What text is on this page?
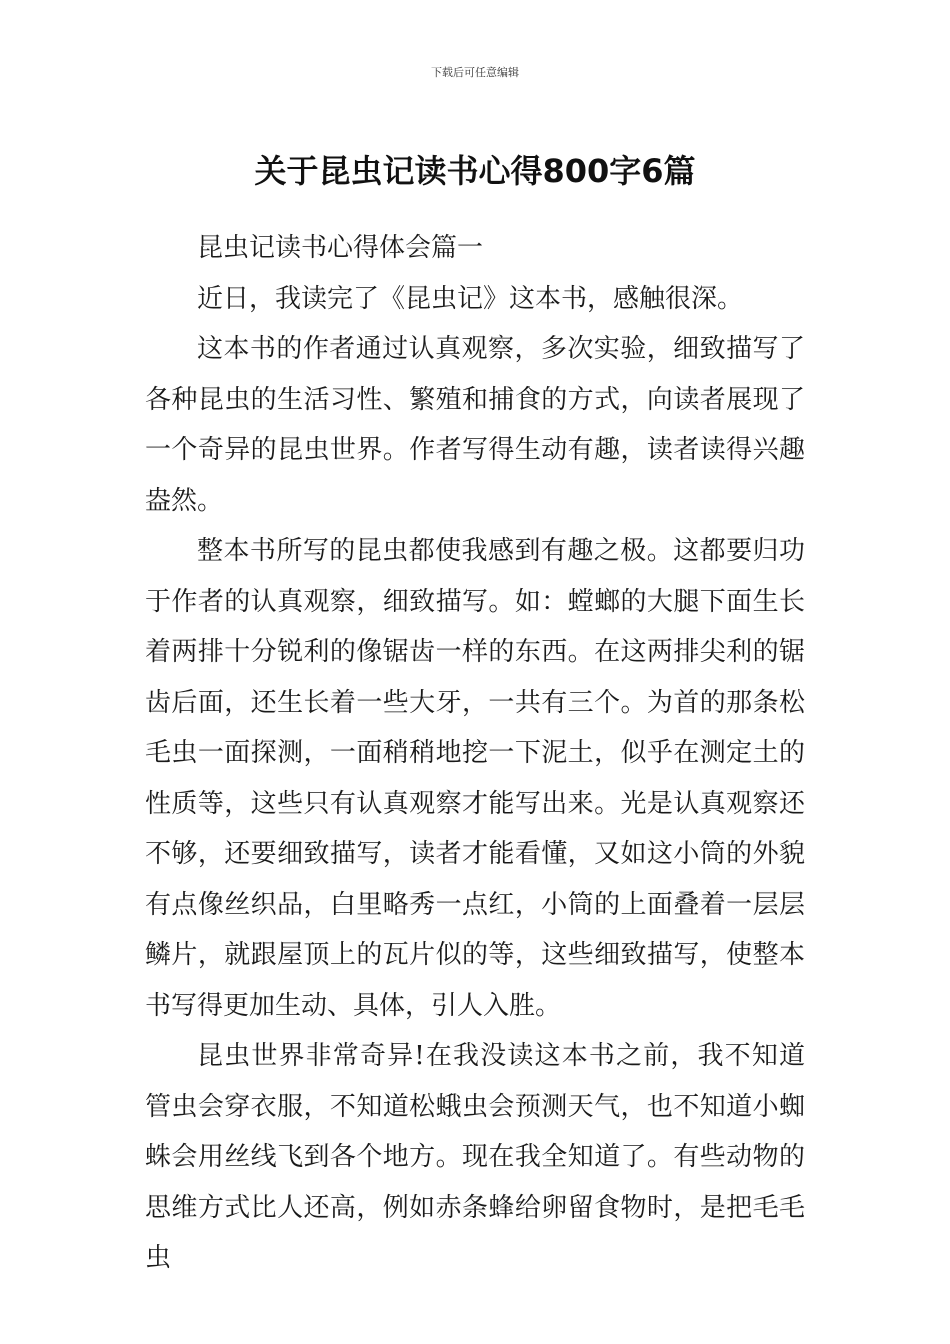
下载后可任意编辑
关于昆虫记读书心得800字6篇

昆虫记读书心得体会篇一

近日，我读完了《昆虫记》这本书，感触很深。

这本书的作者通过认真观察，多次实验，细致描写了各种昆虫的生活习性、繁殖和捕食的方式，向读者展现了一个奇异的昆虫世界。作者写得生动有趣，读者读得兴趣盎然。

整本书所写的昆虫都使我感到有趣之极。这都要归功于作者的认真观察，细致描写。如：螳螂的大腿下面生长着两排十分锐利的像锯齿一样的东西。在这两排尖利的锯齿后面，还生长着一些大牙，一共有三个。为首的那条松毛虫一面探测，一面稍稍地挖一下泥土，似乎在测定土的性质等，这些只有认真观察才能写出来。光是认真观察还不够，还要细致描写，读者才能看懂，又如这小筒的外貌有点像丝织品，白里略秀一点红，小筒的上面叠着一层层鳞片，就跟屋顶上的瓦片似的等，这些细致描写，使整本书写得更加生动、具体，引人入胜。

昆虫世界非常奇异!在我没读这本书之前，我不知道管虫会穿衣服，不知道松蛾虫会预测天气，也不知道小蜘蛛会用丝线飞到各个地方。现在我全知道了。有些动物的思维方式比人还高，例如赤条蜂给卵留食物时，是把毛毛虫
